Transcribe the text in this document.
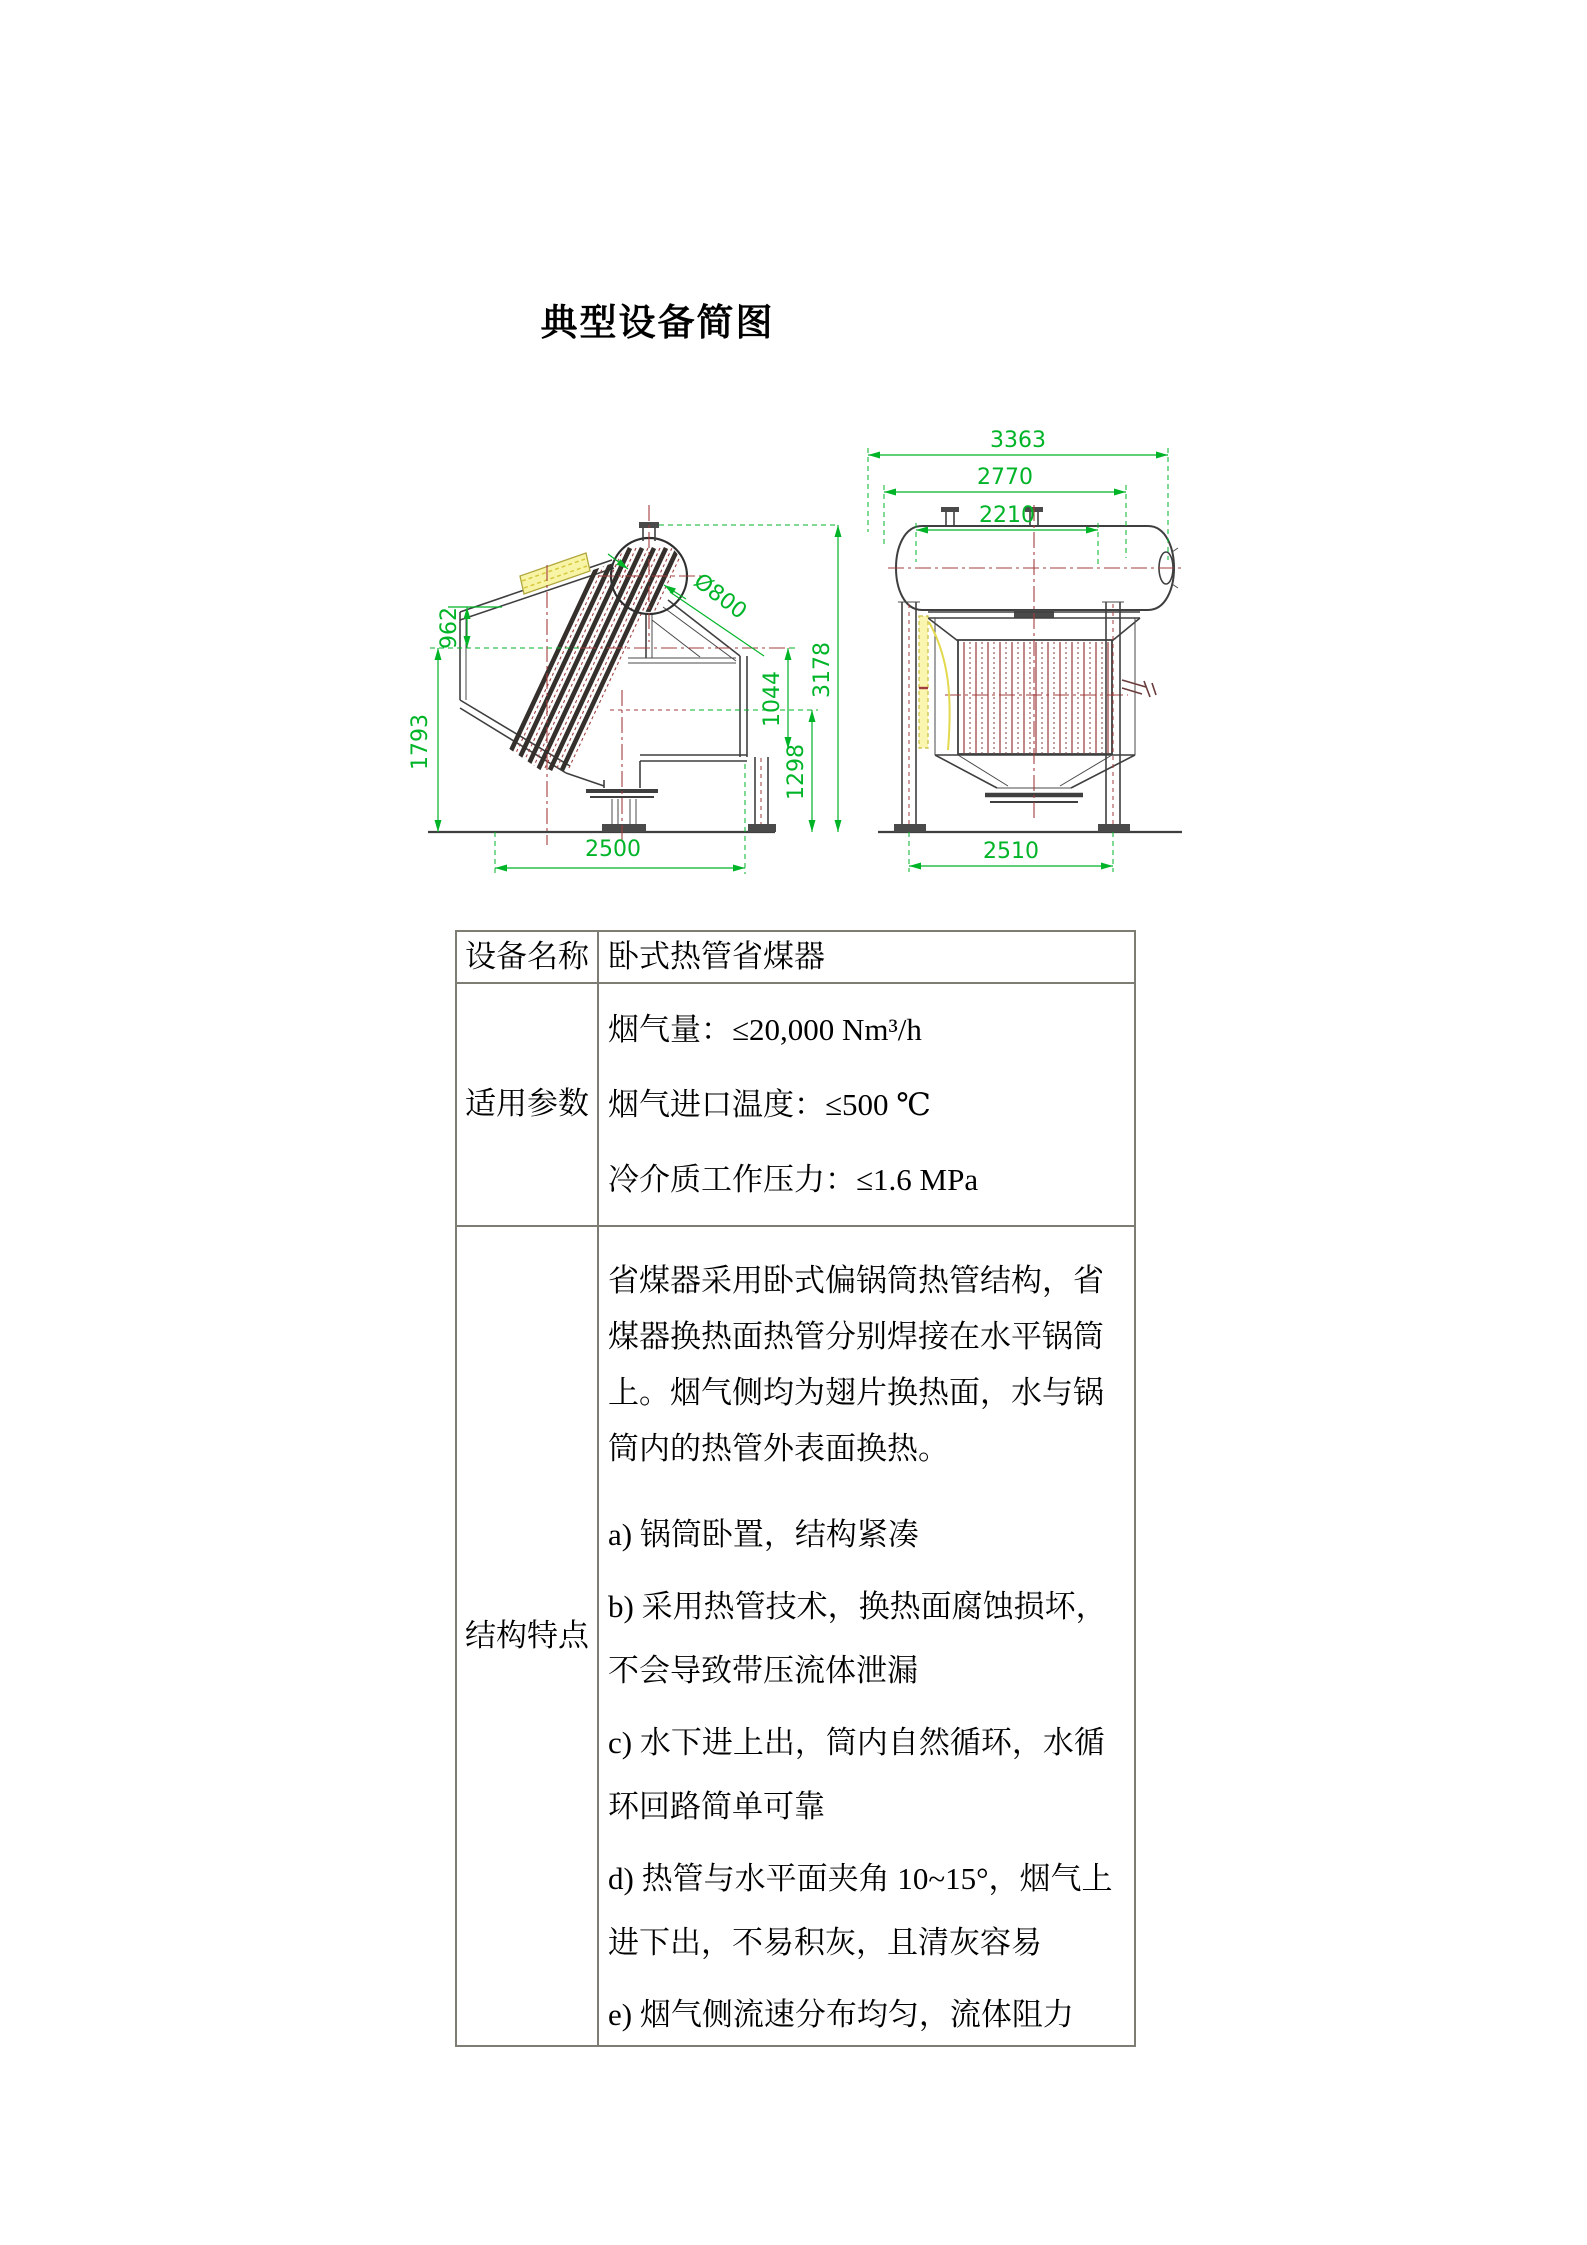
典型设备简图
3178
1044
1298
962
1793
2500
Ø800
3363
2770
2210
2510
设备名称 卧式热管省煤器
适用参数
烟气量：≤20,000 Nm³/h
烟气进口温度：≤500 ℃
冷介质工作压力：≤1.6 MPa
结构特点

省煤器采用卧式偏锅筒热管结构，省煤器换热面热管分别焊接在水平锅筒上。烟气侧均为翅片换热面，水与锅筒内的热管外表面换热。

a) 锅筒卧置，结构紧凑

b) 采用热管技术，换热面腐蚀损坏，不会导致带压流体泄漏

c) 水下进上出，筒内自然循环，水循环回路简单可靠

d) 热管与水平面夹角 10~15°，烟气上进下出，不易积灰，且清灰容易

e) 烟气侧流速分布均匀，流体阻力
